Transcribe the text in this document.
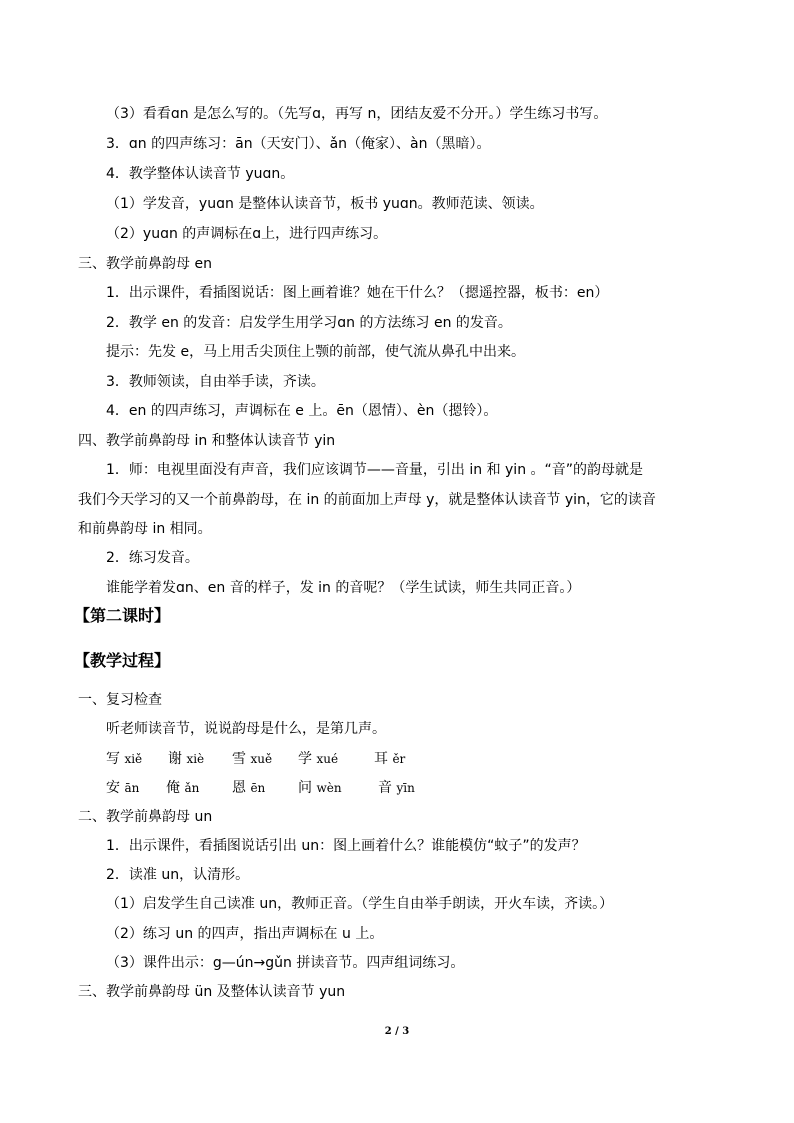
（3）看看ɑn 是怎么写的。（先写ɑ，再写 n，团结友爱不分开。）学生练习书写。

3．ɑn 的四声练习：ān（天安门）、ǎn（俺家）、àn（黑暗）。

4．教学整体认读音节 yuɑn。

（1）学发音，yuɑn 是整体认读音节，板书 yuɑn。教师范读、领读。

（2）yuɑn 的声调标在ɑ上，进行四声练习。

三、教学前鼻韵母 en

1．出示课件，看插图说话：图上画着谁？她在干什么？（摁遥控器，板书：en）

2．教学 en 的发音：启发学生用学习ɑn 的方法练习 en 的发音。

提示：先发 e，马上用舌尖顶住上颚的前部，使气流从鼻孔中出来。

3．教师领读，自由举手读，齐读。

4．en 的四声练习，声调标在 e 上。ēn（恩情）、èn（摁铃）。

四、教学前鼻韵母 in 和整体认读音节 yin

1．师：电视里面没有声音，我们应该调节——音量，引出 in 和 yin 。“音”的韵母就是

我们今天学习的又一个前鼻韵母，在 in 的前面加上声母 y，就是整体认读音节 yin，它的读音

和前鼻韵母 in 相同。

2．练习发音。

谁能学着发ɑn、en 音的样子，发 in 的音呢？（学生试读，师生共同正音。）

【第二课时】

【教学过程】

一、复习检查

听老师读音节，说说韵母是什么，是第几声。

写 xiě 谢 xiè 雪 xuě 学 xué	耳 ěr
安 ān 俺 ǎn 恩 ēn 问 wèn	音 yīn

二、教学前鼻韵母 un

1．出示课件，看插图说话引出 un：图上画着什么？谁能模仿“蚊子”的发声？

2．读准 un，认清形。

（1）启发学生自己读准 un，教师正音。（学生自由举手朗读，开火车读，齐读。）

（2）练习 un 的四声，指出声调标在 u 上。

（3）课件出示：g—ún→gǔn 拼读音节。四声组词练习。

三、教学前鼻韵母 ün 及整体认读音节 yun

2 / 3
